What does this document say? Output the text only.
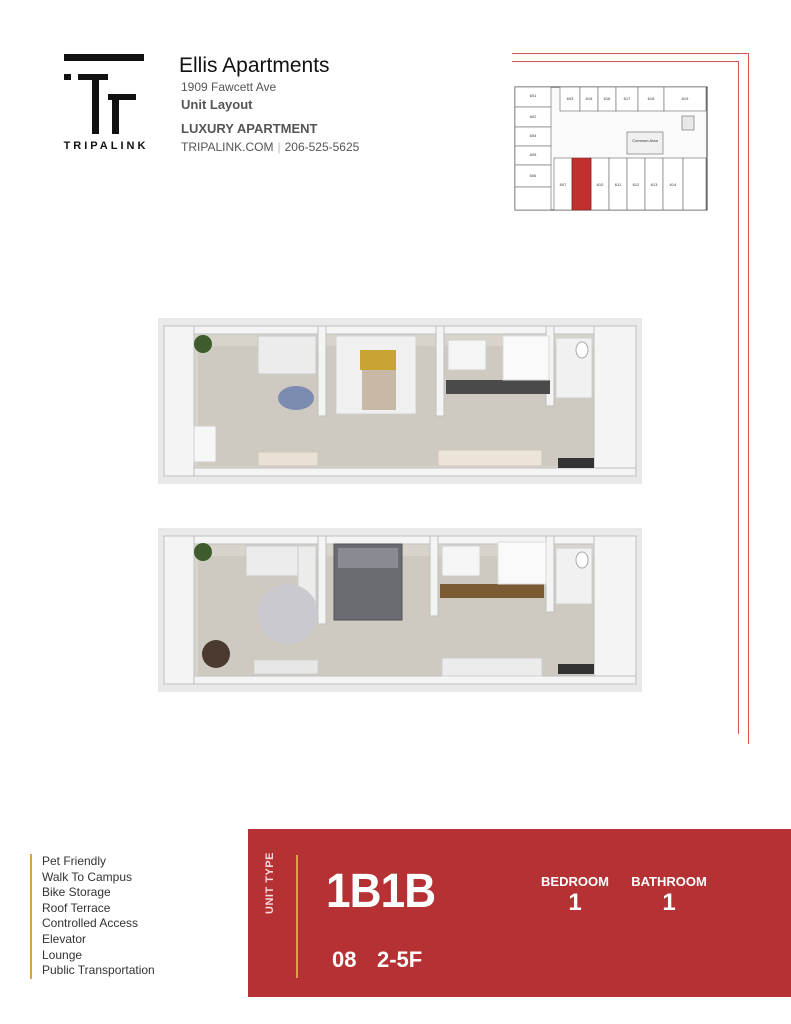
TRIPALINK
Ellis Apartments
1909 Fawcett Ave
Unit Layout
LUXURY APARTMENT
TRIPALINK.COM | 206-525-5625
601
603	615	616	617	618	619
602
604
605
606
607	610	611	612	613	614
Common Area
Pet Friendly
Walk To Campus
Bike Storage
Roof Terrace
Controlled Access
Elevator
Lounge
Public Transportation
UNIT TYPE	1B1B
08 2-5F
BEDROOM
1
BATHROOM
1
